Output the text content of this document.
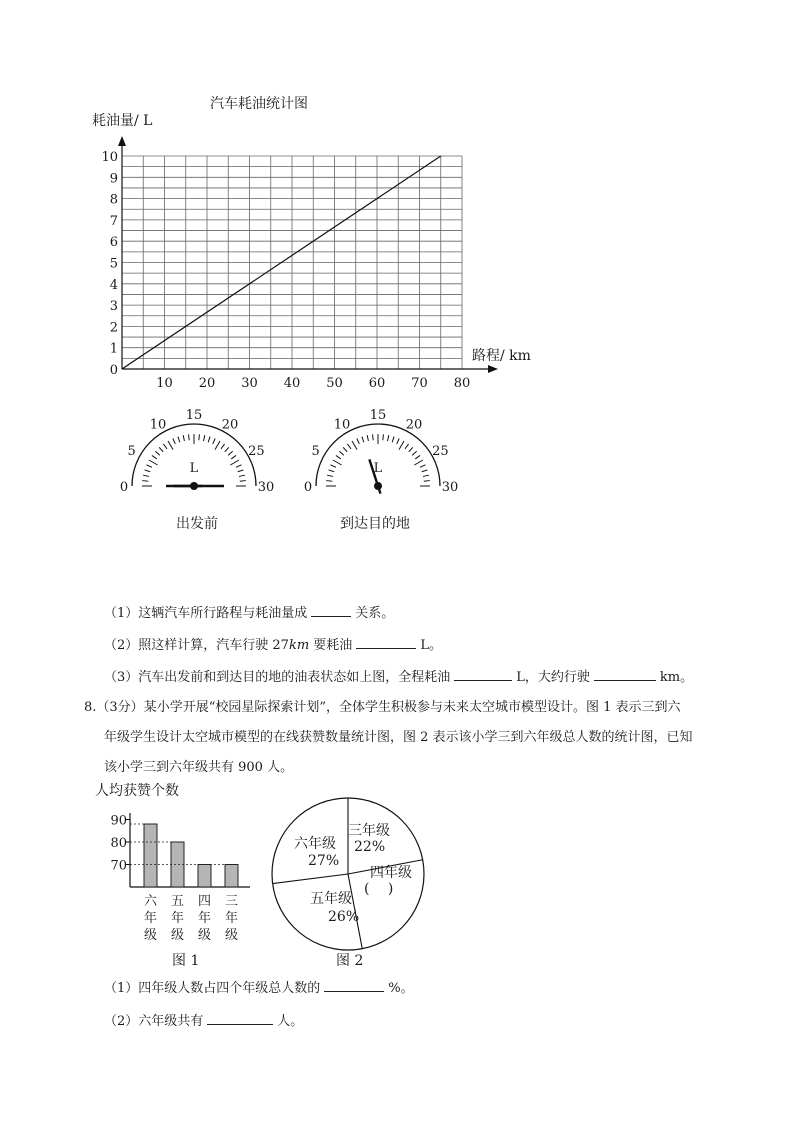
汽车耗油统计图
耗油量/ L
路程/ km
0
1
2
3
4
5
6
7
8
9
10
10 20 30 40 50 60 70 80
0
5
10
15
20
25
30
L
0
5
10
15
20
25
30
L
出发前	到达目的地
（1）这辆汽车所行路程与耗油量成	关系。
（2）照这样计算，汽车行驶 27km 要耗油	L。
（3）汽车出发前和到达目的地的油表状态如上图，全程耗油	L，大约行驶	km。
8.（3分）某小学开展“校园星际探索计划”，全体学生积极参与未来太空城市模型设计。图 1 表示三到六
年级学生设计太空城市模型的在线获赞数量统计图，图 2 表示该小学三到六年级总人数的统计图，已知
该小学三到六年级共有 900 人。
人均获赞个数
90
80
70
六
年
级
五
年
级
四
年
级
三
年
级
图 1
三年级
22%
四年级
(　 )
五年级
26%
六年级
27%
图 2
（1）四年级人数占四个年级总人数的	%。
（2）六年级共有	人。
